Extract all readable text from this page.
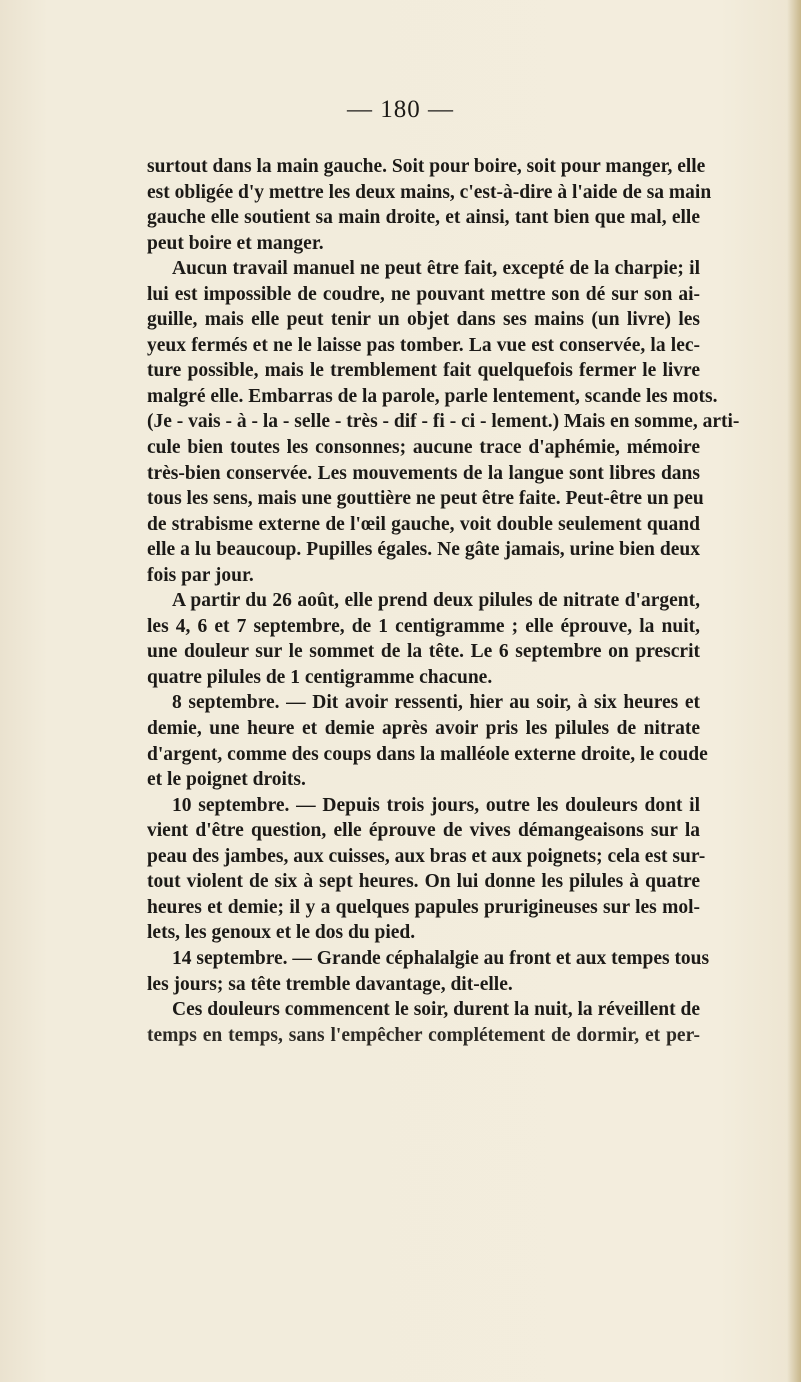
— 180 —
surtout dans la main gauche. Soit pour boire, soit pour manger, elle
est obligée d'y mettre les deux mains, c'est-à-dire à l'aide de sa main
gauche elle soutient sa main droite, et ainsi, tant bien que mal, elle
peut boire et manger.
Aucun travail manuel ne peut être fait, excepté de la charpie; il
lui est impossible de coudre, ne pouvant mettre son dé sur son ai-
guille, mais elle peut tenir un objet dans ses mains (un livre) les
yeux fermés et ne le laisse pas tomber. La vue est conservée, la lec-
ture possible, mais le tremblement fait quelquefois fermer le livre
malgré elle. Embarras de la parole, parle lentement, scande les mots.
(Je - vais - à - la - selle - très - dif - fi - ci - lement.) Mais en somme, arti-
cule bien toutes les consonnes; aucune trace d'aphémie, mémoire
très-bien conservée. Les mouvements de la langue sont libres dans
tous les sens, mais une gouttière ne peut être faite. Peut-être un peu
de strabisme externe de l'œil gauche, voit double seulement quand
elle a lu beaucoup. Pupilles égales. Ne gâte jamais, urine bien deux
fois par jour.
A partir du 26 août, elle prend deux pilules de nitrate d'argent,
les 4, 6 et 7 septembre, de 1 centigramme ; elle éprouve, la nuit,
une douleur sur le sommet de la tête. Le 6 septembre on prescrit
quatre pilules de 1 centigramme chacune.
8 septembre. — Dit avoir ressenti, hier au soir, à six heures et
demie, une heure et demie après avoir pris les pilules de nitrate
d'argent, comme des coups dans la malléole externe droite, le coude
et le poignet droits.
10 septembre. — Depuis trois jours, outre les douleurs dont il
vient d'être question, elle éprouve de vives démangeaisons sur la
peau des jambes, aux cuisses, aux bras et aux poignets; cela est sur-
tout violent de six à sept heures. On lui donne les pilules à quatre
heures et demie; il y a quelques papules prurigineuses sur les mol-
lets, les genoux et le dos du pied.
14 septembre. — Grande céphalalgie au front et aux tempes tous
les jours; sa tête tremble davantage, dit-elle.
Ces douleurs commencent le soir, durent la nuit, la réveillent de
temps en temps, sans l'empêcher complétement de dormir, et per-
